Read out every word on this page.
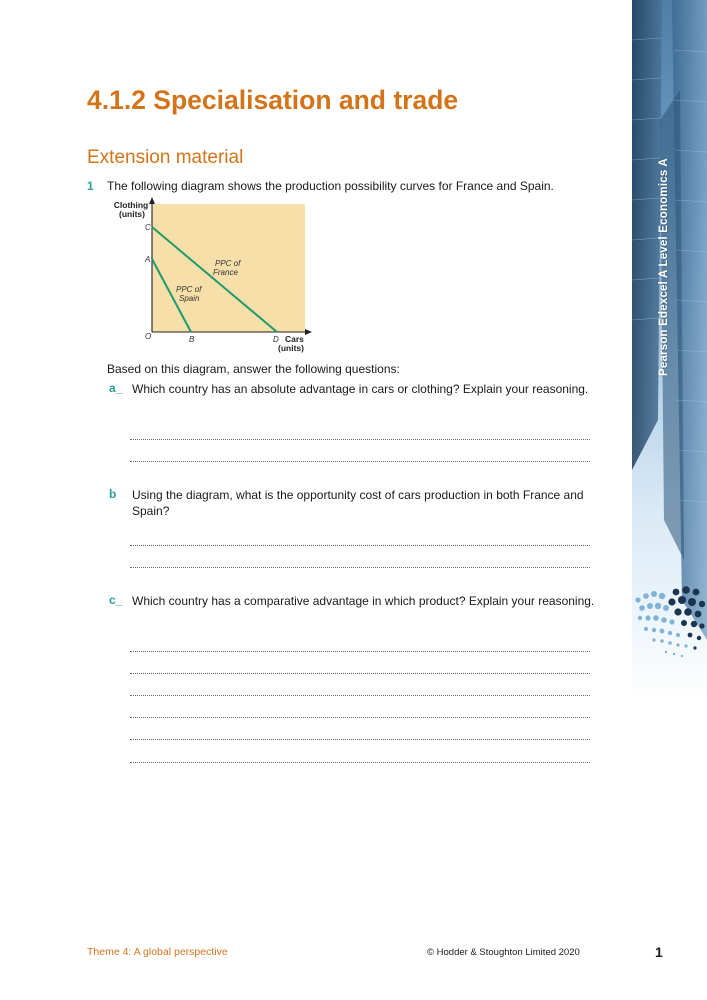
Pearson Edexcel A Level Economics A
4.1.2 Specialisation and trade
Extension material
1 The following diagram shows the production possibility curves for France and Spain.
Clothing
(units)
Cars
(units)
C
A
O	B	D
PPC of
France
PPC of
Spain
Based on this diagram, answer the following questions:
a_ Which country has an absolute advantage in cars or clothing? Explain your reasoning.
b	Using the diagram, what is the opportunity cost of cars production in both France and Spain?
c_ Which country has a comparative advantage in which product? Explain your reasoning.
Theme 4: A global perspective	© Hodder & Stoughton Limited 2020	1
